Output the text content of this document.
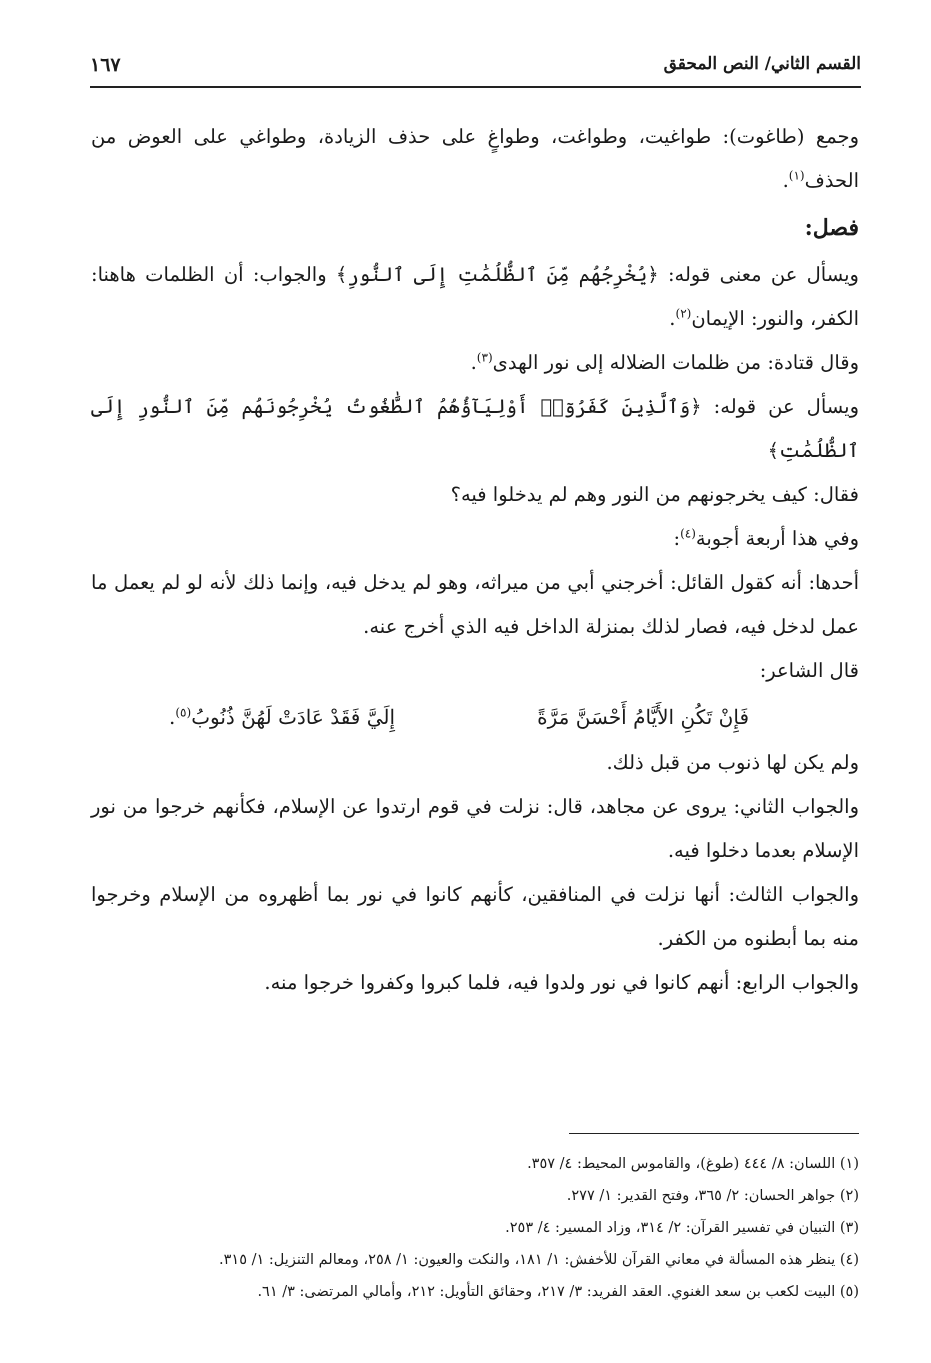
القسم الثاني/ النص المحقق
١٦٧

وجمع (طاغوت): طواغيت، وطواغت، وطواغٍ على حذف الزيادة، وطواغي على العوض من الحذف$^{(١)}$.

فصل:

ويسأل عن معنى قوله: ﴿يُخْرِجُهُم مِّنَ ٱلظُّلُمَٰتِ إِلَى ٱلنُّورِ﴾ والجواب: أن الظلمات هاهنا: الكفر، والنور: الإيمان$^{(٢)}$.

وقال قتادة: من ظلمات الضلاله إلى نور الهدى$^{(٣)}$.

ويسأل عن قوله: ﴿وَٱلَّذِينَ كَفَرُوٓا۟ أَوْلِيَآؤُهُمُ ٱلطَّٰغُوتُ يُخْرِجُونَهُم مِّنَ ٱلنُّورِ إِلَى ٱلظُّلُمَٰتِ﴾

فقال: كيف يخرجونهم من النور وهم لم يدخلوا فيه؟

وفي هذا أربعة أجوبة$^{(٤)}$:

أحدها: أنه كقول القائل: أخرجني أبي من ميراثه، وهو لم يدخل فيه، وإنما ذلك لأنه لو لم يعمل ما عمل لدخل فيه، فصار لذلك بمنزلة الداخل فيه الذي أخرج عنه.

قال الشاعر:

فَإِنْ تَكُنِ الأَيَّامُ أَحْسَنَّ مَرَّةً
إِلَيَّ فَقَدْ عَادَتْ لَهُنَّ ذُنُوبُ$^{(٥)}$.

ولم يكن لها ذنوب من قبل ذلك.

والجواب الثاني: يروى عن مجاهد، قال: نزلت في قوم ارتدوا عن الإسلام، فكأنهم خرجوا من نور الإسلام بعدما دخلوا فيه.

والجواب الثالث: أنها نزلت في المنافقين، كأنهم كانوا في نور بما أظهروه من الإسلام وخرجوا منه بما أبطنوه من الكفر.

والجواب الرابع: أنهم كانوا في نور ولدوا فيه، فلما كبروا وكفروا خرجوا منه.

(١) اللسان: ٨/ ٤٤٤ (طوغ)، والقاموس المحيط: ٤/ ٣٥٧.

(٢) جواهر الحسان: ٢/ ٣٦٥، وفتح القدير: ١/ ٢٧٧.

(٣) التبيان في تفسير القرآن: ٢/ ٣١٤، وزاد المسير: ٤/ ٢٥٣.

(٤) ينظر هذه المسألة في معاني القرآن للأخفش: ١/ ١٨١، والنكت والعيون: ١/ ٢٥٨، ومعالم التنزيل: ١/ ٣١٥.

(٥) البيت لكعب بن سعد الغنوي. العقد الفريد: ٣/ ٢١٧، وحقائق التأويل: ٢١٢، وأمالي المرتضى: ٣/ ٦١.
